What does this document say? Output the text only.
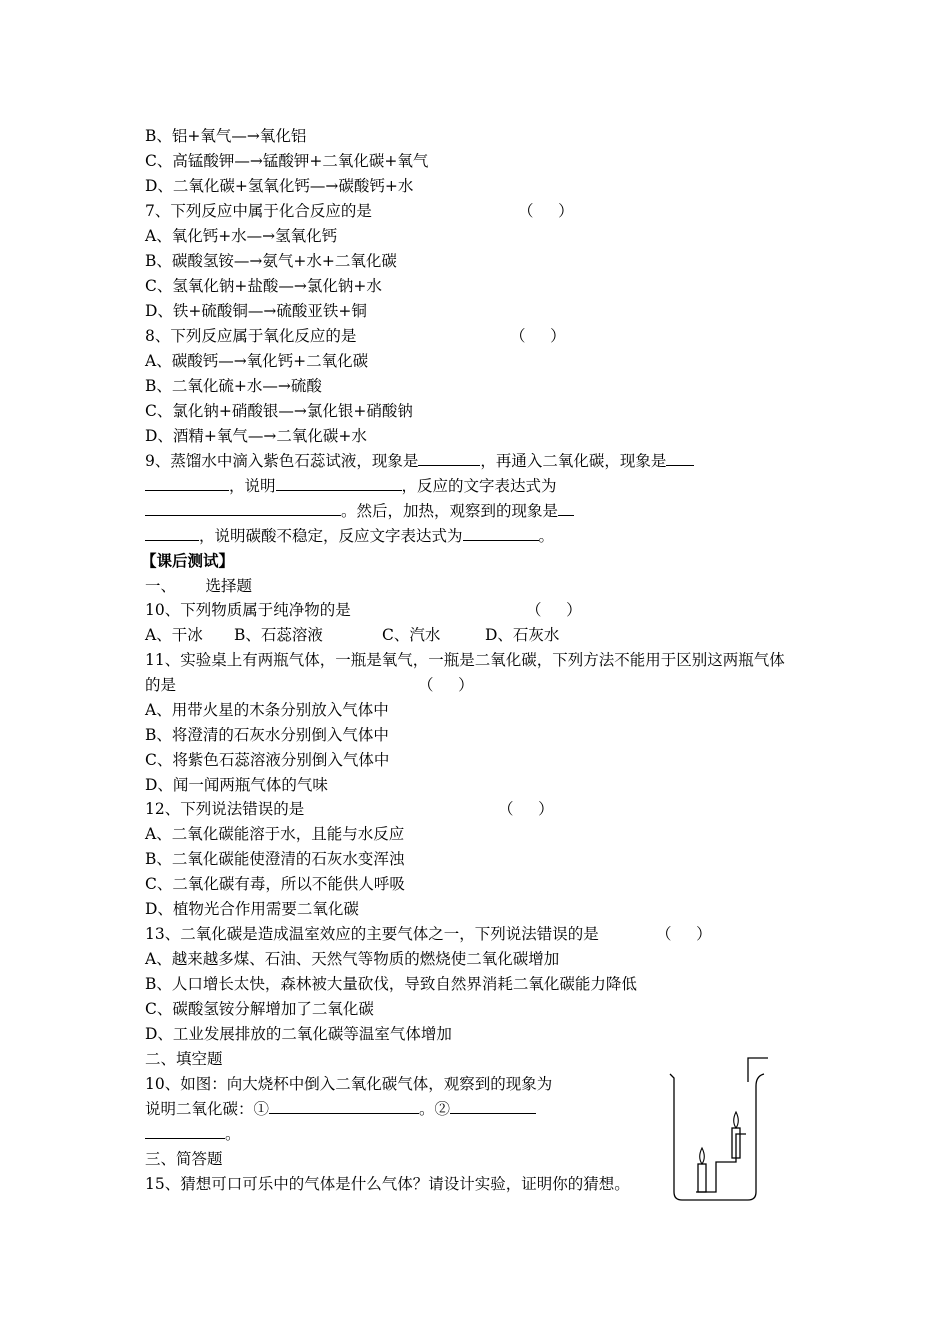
B、铝+氧气—→氧化铝
C、高锰酸钾—→锰酸钾+二氧化碳+氧气
D、二氧化碳+氢氧化钙—→碳酸钙+水
7、下列反应中属于化合反应的是	（     ）
A、氧化钙+水—→氢氧化钙
B、碳酸氢铵—→氨气+水+二氧化碳
C、氢氧化钠+盐酸—→氯化钠+水
D、铁+硫酸铜—→硫酸亚铁+铜
8、下列反应属于氧化反应的是	（     ）
A、碳酸钙—→氧化钙+二氧化碳
B、二氧化硫+水—→硫酸
C、氯化钠+硝酸银—→氯化银+硝酸钠
D、酒精+氧气—→二氧化碳+水
9、蒸馏水中滴入紫色石蕊试液，现象是	，再通入二氧化碳，现象是
，说明	，反应的文字表达式为
。然后，加热，观察到的现象是
，说明碳酸不稳定，反应文字表达式为	。
【课后测试】
一、      选择题
10、下列物质属于纯净物的是	（     ）
A、干冰 B、石蕊溶液	C、汽水	D、石灰水
11、实验桌上有两瓶气体，一瓶是氧气，一瓶是二氧化碳，下列方法不能用于区别这两瓶气体
的是	（     ）
A、用带火星的木条分别放入气体中
B、将澄清的石灰水分别倒入气体中
C、将紫色石蕊溶液分别倒入气体中
D、闻一闻两瓶气体的气味
12、下列说法错误的是	（     ）
A、二氧化碳能溶于水，且能与水反应
B、二氧化碳能使澄清的石灰水变浑浊
C、二氧化碳有毒，所以不能供人呼吸
D、植物光合作用需要二氧化碳
13、二氧化碳是造成温室效应的主要气体之一，下列说法错误的是	（     ）
A、越来越多煤、石油、天然气等物质的燃烧使二氧化碳增加
B、人口增长太快，森林被大量砍伐，导致自然界消耗二氧化碳能力降低
C、碳酸氢铵分解增加了二氧化碳
D、工业发展排放的二氧化碳等温室气体增加
二、填空题
10、如图：向大烧杯中倒入二氧化碳气体，观察到的现象为
说明二氧化碳：①	。②
。
三、简答题
15、猜想可口可乐中的气体是什么气体？请设计实验，证明你的猜想。
